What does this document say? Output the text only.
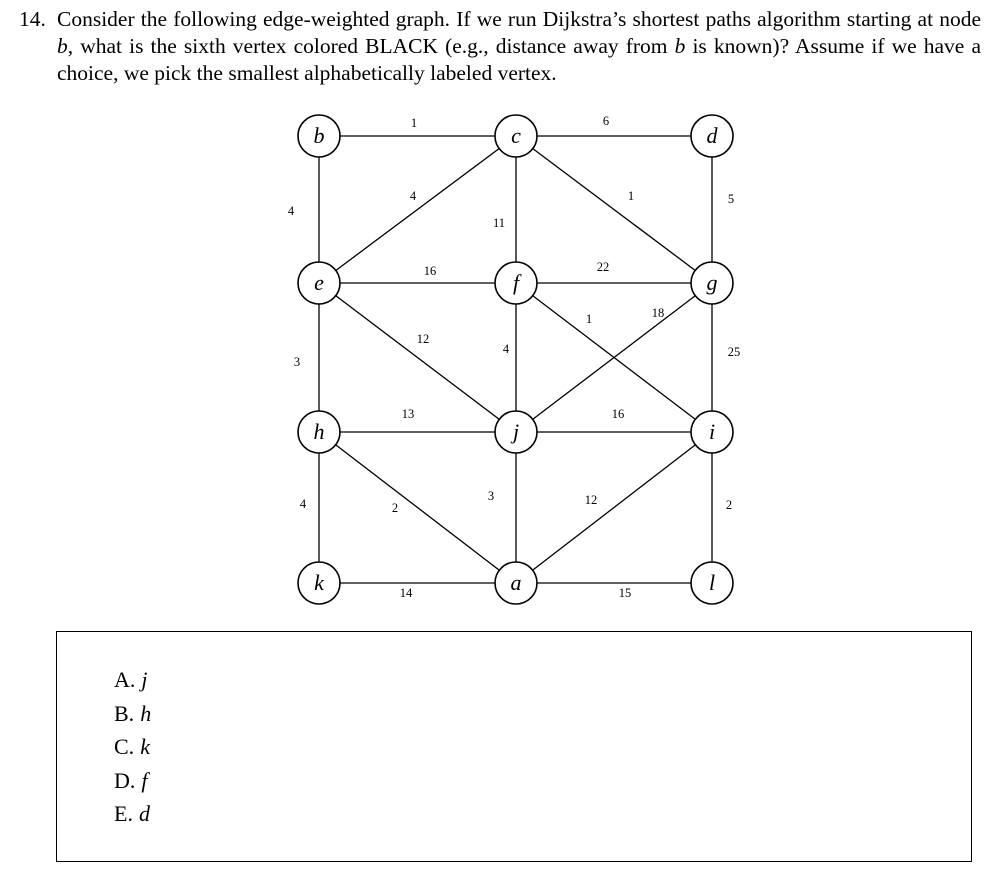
14. Consider the following edge-weighted graph. If we run Dijkstra’s shortest paths algorithm starting at node b, what is the sixth vertex colored BLACK (e.g., distance away from b is known)? Assume if we have a choice, we pick the smallest alphabetically labeled vertex.
1	6
4
4
11
1	5
16	22
1	18
12
4	25
3
13	16
4	2
3	12	2
14	15
b	c	d
e	f	g
h	j	i
k	a	l
A. j
B. h
C. k
D. f
E. d
